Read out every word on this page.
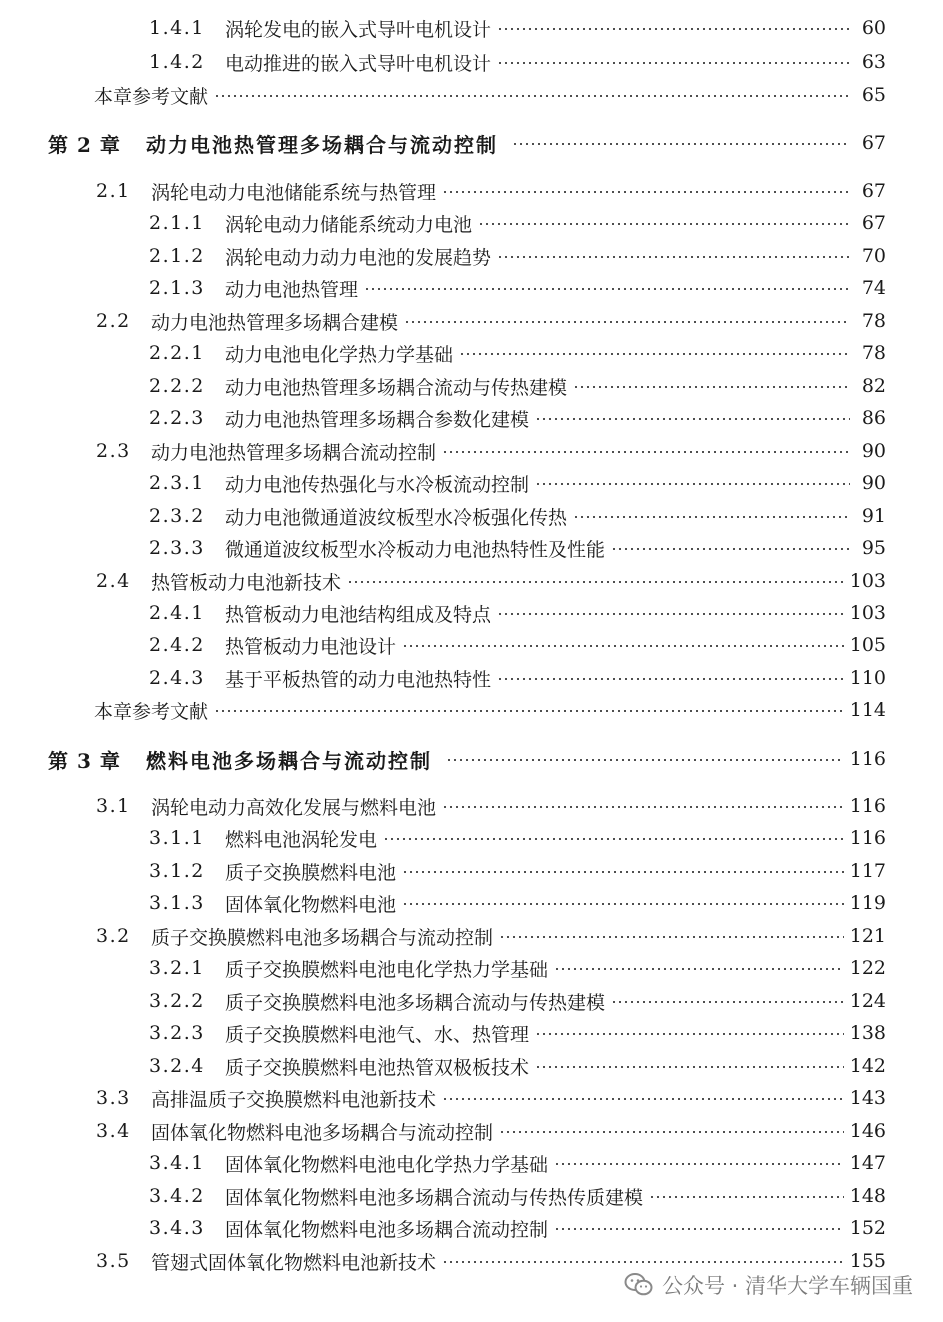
1.4.1	涡轮发电的嵌入式导叶电机设计	60
1.4.2	电动推进的嵌入式导叶电机设计	63
本章参考文献	65
第 2 章	动力电池热管理多场耦合与流动控制	67
2.1	涡轮电动力电池储能系统与热管理	67
2.1.1	涡轮电动力储能系统动力电池	67
2.1.2	涡轮电动力动力电池的发展趋势	70
2.1.3	动力电池热管理	74
2.2	动力电池热管理多场耦合建模	78
2.2.1	动力电池电化学热力学基础	78
2.2.2	动力电池热管理多场耦合流动与传热建模	82
2.2.3	动力电池热管理多场耦合参数化建模	86
2.3	动力电池热管理多场耦合流动控制	90
2.3.1	动力电池传热强化与水冷板流动控制	90
2.3.2	动力电池微通道波纹板型水冷板强化传热	91
2.3.3	微通道波纹板型水冷板动力电池热特性及性能	95
2.4	热管板动力电池新技术	103
2.4.1	热管板动力电池结构组成及特点	103
2.4.2	热管板动力电池设计	105
2.4.3	基于平板热管的动力电池热特性	110
本章参考文献	114
第 3 章	燃料电池多场耦合与流动控制	116
3.1	涡轮电动力高效化发展与燃料电池	116
3.1.1	燃料电池涡轮发电	116
3.1.2	质子交换膜燃料电池	117
3.1.3	固体氧化物燃料电池	119
3.2	质子交换膜燃料电池多场耦合与流动控制	121
3.2.1	质子交换膜燃料电池电化学热力学基础	122
3.2.2	质子交换膜燃料电池多场耦合流动与传热建模	124
3.2.3	质子交换膜燃料电池气、水、热管理	138
3.2.4	质子交换膜燃料电池热管双极板技术	142
3.3	高排温质子交换膜燃料电池新技术	143
3.4	固体氧化物燃料电池多场耦合与流动控制	146
3.4.1	固体氧化物燃料电池电化学热力学基础	147
3.4.2	固体氧化物燃料电池多场耦合流动与传热传质建模	148
3.4.3	固体氧化物燃料电池多场耦合流动控制	152
3.5	管翅式固体氧化物燃料电池新技术	155
公众号 · 清华大学车辆国重
